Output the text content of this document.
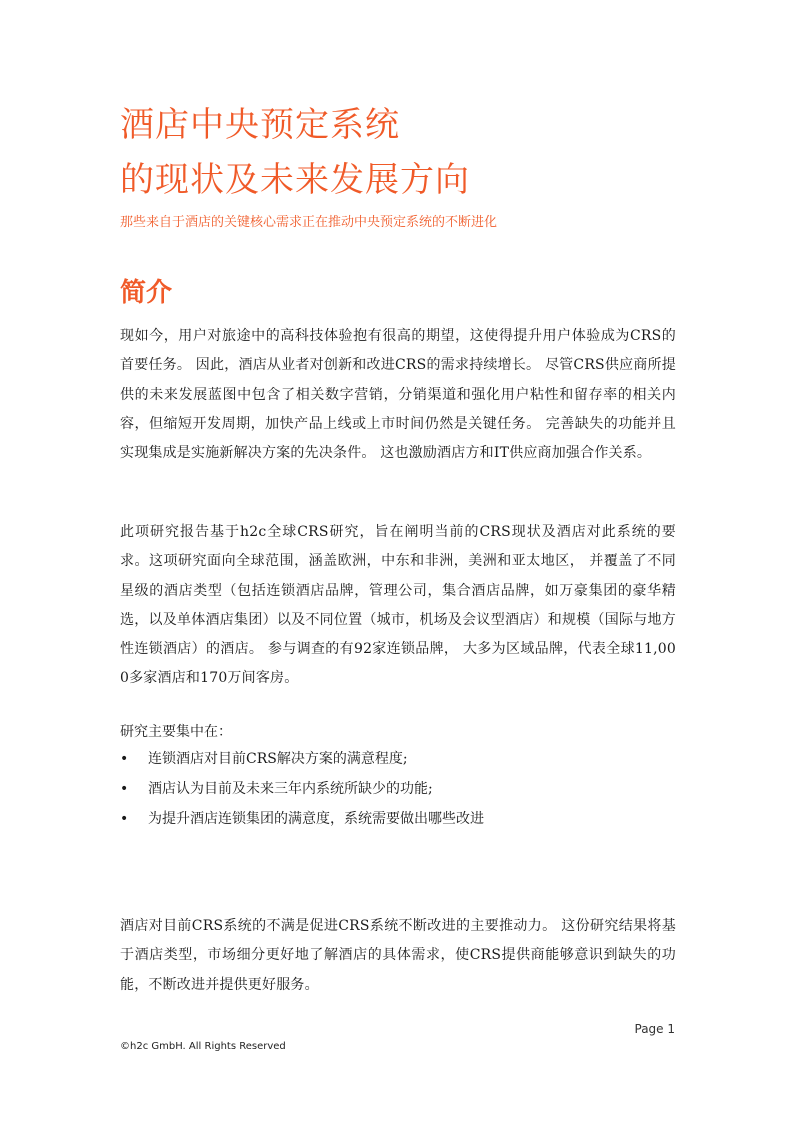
酒店中央预定系统
的现状及未来发展方向
那些来自于酒店的关键核心需求正在推动中央预定系统的不断进化
简介

现如今，用户对旅途中的高科技体验抱有很高的期望，这使得提升用户体验成为CRS的首要任务。 因此，酒店从业者对创新和改进CRS的需求持续增长。 尽管CRS供应商所提供的未来发展蓝图中包含了相关数字营销，分销渠道和强化用户粘性和留存率的相关内容，但缩短开发周期，加快产品上线或上市时间仍然是关键任务。 完善缺失的功能并且实现集成是实施新解决方案的先决条件。 这也激励酒店方和IT供应商加强合作关系。

此项研究报告基于h2c全球CRS研究，旨在阐明当前的CRS现状及酒店对此系统的要求。这项研究面向全球范围，涵盖欧洲，中东和非洲，美洲和亚太地区， 并覆盖了不同星级的酒店类型（包括连锁酒店品牌，管理公司，集合酒店品牌，如万豪集团的豪华精选，以及单体酒店集团）以及不同位置（城市，机场及会议型酒店）和规模（国际与地方性连锁酒店）的酒店。 参与调查的有92家连锁品牌， 大多为区域品牌，代表全球11,000多家酒店和170万间客房。

研究主要集中在：
• 连锁酒店对目前CRS解决方案的满意程度;
• 酒店认为目前及未来三年内系统所缺少的功能;
• 为提升酒店连锁集团的满意度，系统需要做出哪些改进

酒店对目前CRS系统的不满是促进CRS系统不断改进的主要推动力。 这份研究结果将基于酒店类型，市场细分更好地了解酒店的具体需求，使CRS提供商能够意识到缺失的功能，不断改进并提供更好服务。

Page 1
©h2c GmbH. All Rights Reserved
